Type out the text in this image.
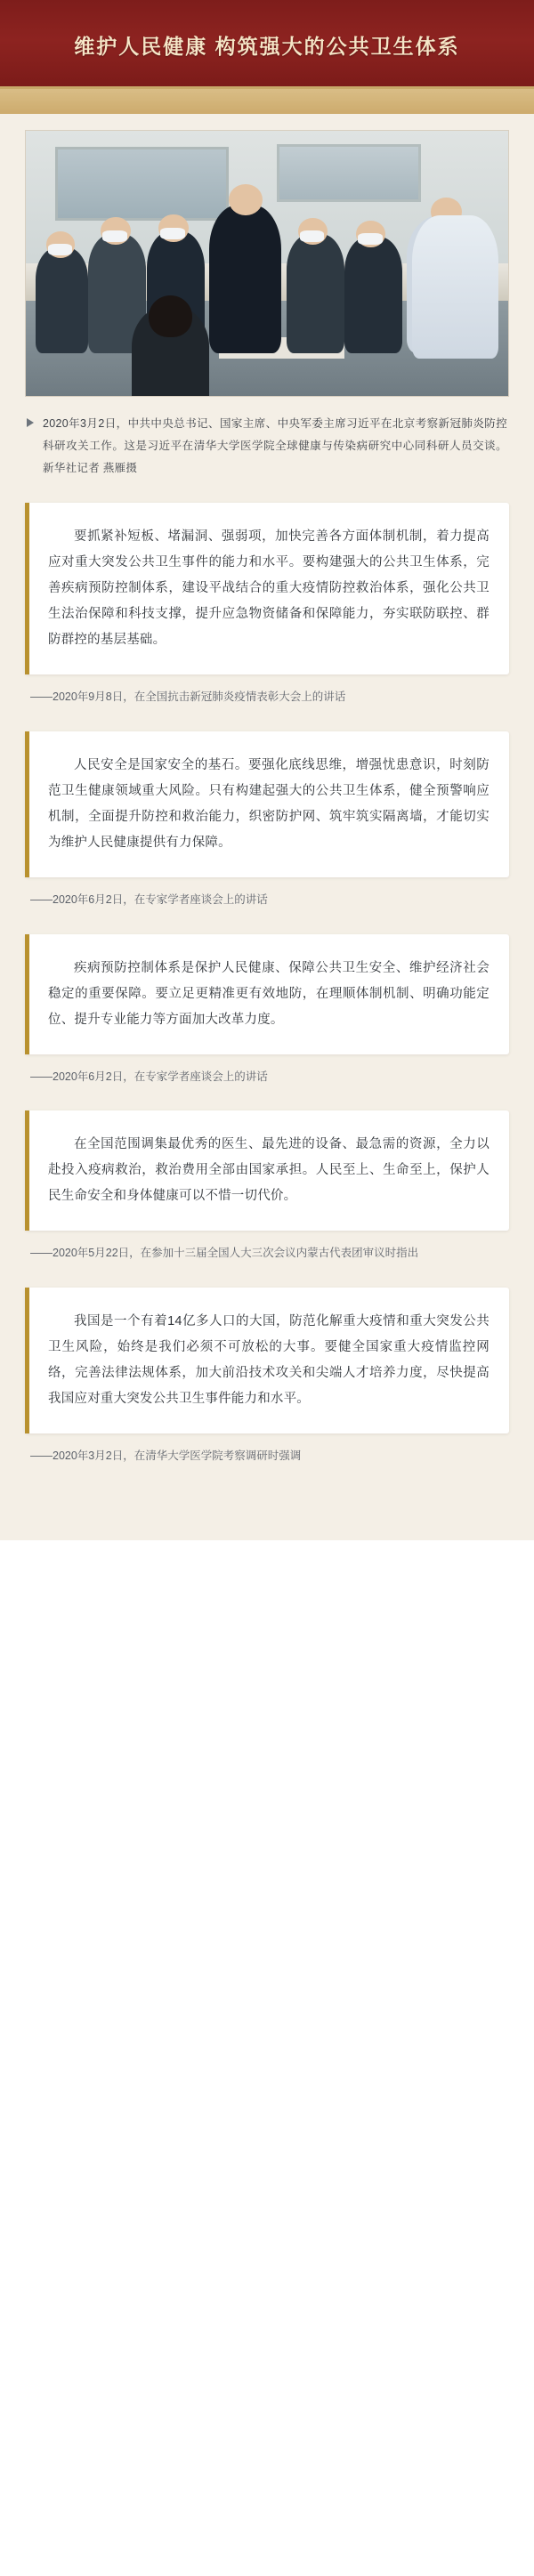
维护人民健康 构筑强大的公共卫生体系
2020年3月2日，中共中央总书记、国家主席、中央军委主席习近平在北京考察新冠肺炎防控科研攻关工作。这是习近平在清华大学医学院全球健康与传染病研究中心同科研人员交谈。新华社记者 燕雁摄
要抓紧补短板、堵漏洞、强弱项，加快完善各方面体制机制，着力提高应对重大突发公共卫生事件的能力和水平。要构建强大的公共卫生体系，完善疾病预防控制体系，建设平战结合的重大疫情防控救治体系，强化公共卫生法治保障和科技支撑，提升应急物资储备和保障能力，夯实联防联控、群防群控的基层基础。
——2020年9月8日，在全国抗击新冠肺炎疫情表彰大会上的讲话
人民安全是国家安全的基石。要强化底线思维，增强忧患意识，时刻防范卫生健康领域重大风险。只有构建起强大的公共卫生体系，健全预警响应机制，全面提升防控和救治能力，织密防护网、筑牢筑实隔离墙，才能切实为维护人民健康提供有力保障。
——2020年6月2日，在专家学者座谈会上的讲话
疾病预防控制体系是保护人民健康、保障公共卫生安全、维护经济社会稳定的重要保障。要立足更精准更有效地防，在理顺体制机制、明确功能定位、提升专业能力等方面加大改革力度。
——2020年6月2日，在专家学者座谈会上的讲话
在全国范围调集最优秀的医生、最先进的设备、最急需的资源，全力以赴投入疫病救治，救治费用全部由国家承担。人民至上、生命至上，保护人民生命安全和身体健康可以不惜一切代价。
——2020年5月22日，在参加十三届全国人大三次会议内蒙古代表团审议时指出
我国是一个有着14亿多人口的大国，防范化解重大疫情和重大突发公共卫生风险，始终是我们必须不可放松的大事。要健全国家重大疫情监控网络，完善法律法规体系，加大前沿技术攻关和尖端人才培养力度，尽快提高我国应对重大突发公共卫生事件能力和水平。
——2020年3月2日，在清华大学医学院考察调研时强调
